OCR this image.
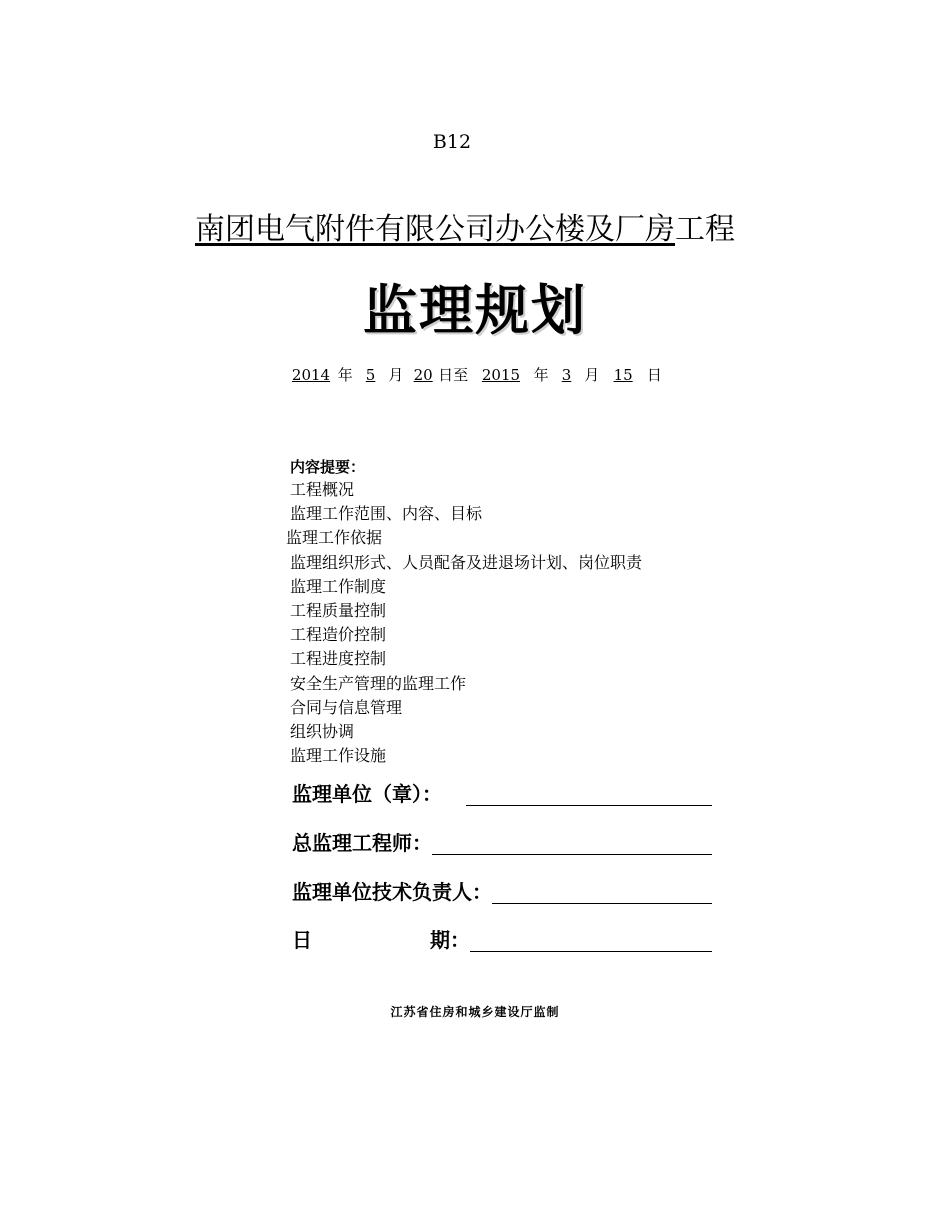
B12
南团电气附件有限公司办公楼及厂房工程
监理规划
2014 年 5 月 20 日至 2015 年 3 月 15 日
内容提要：
工程概况
监理工作范围、内容、目标
监理工作依据
监理组织形式、人员配备及进退场计划、岗位职责
监理工作制度
工程质量控制
工程造价控制
工程进度控制
安全生产管理的监理工作
合同与信息管理
组织协调
监理工作设施
监理单位（章）：
总监理工程师：
监理单位技术负责人：
日	期：
江苏省住房和城乡建设厅监制
